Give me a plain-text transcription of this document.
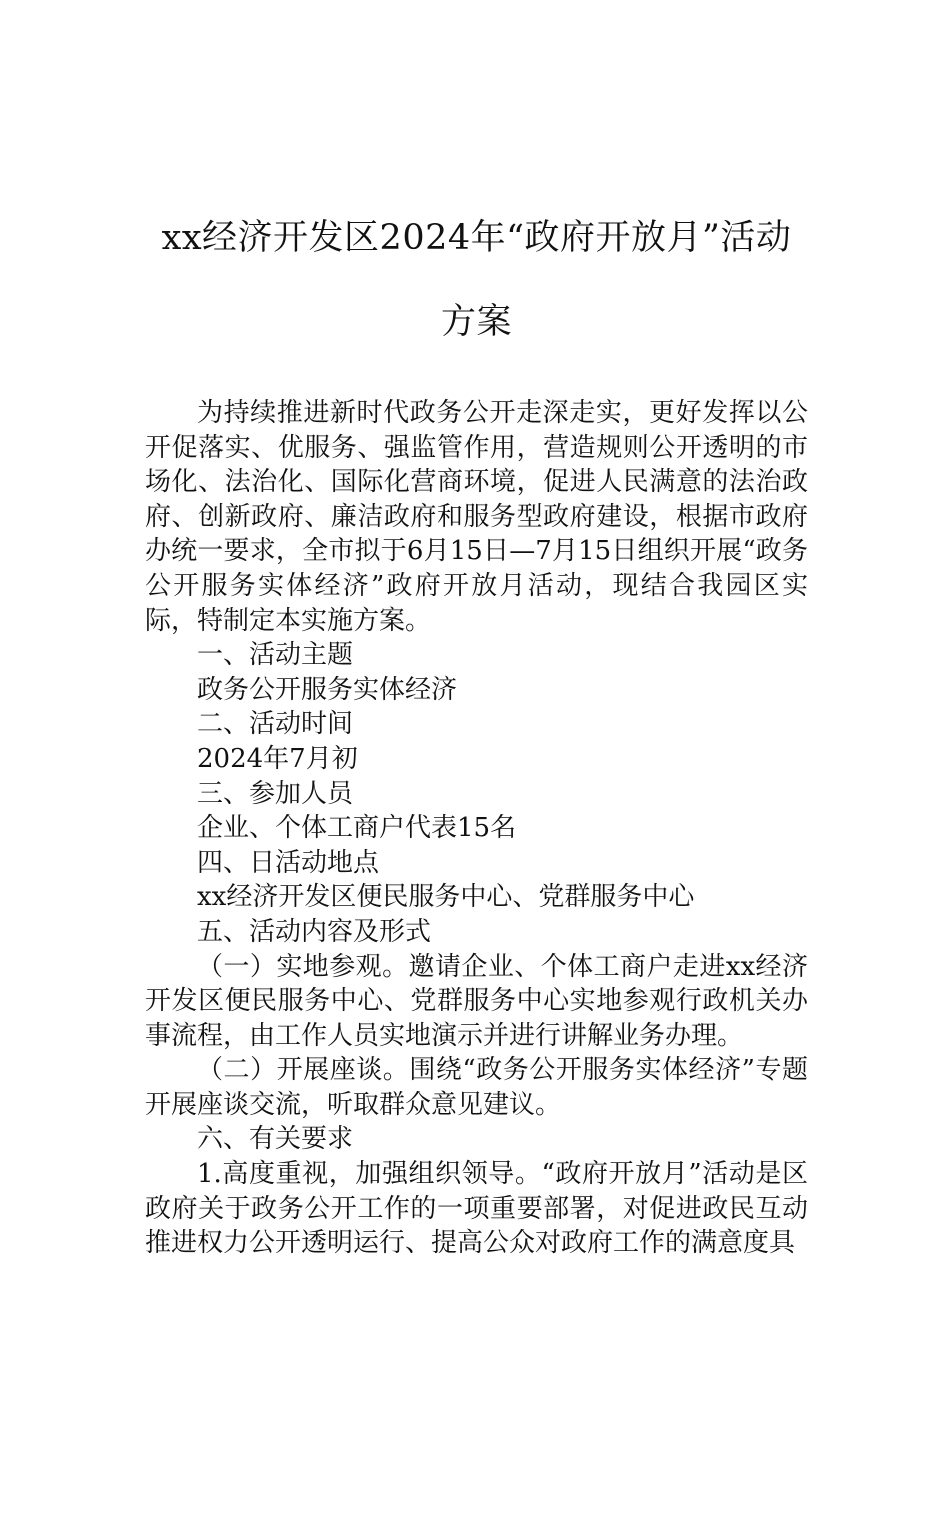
xx经济开发区2024年“政府开放月”活动
方案

为持续推进新时代政务公开走深走实，更好发挥以公开促落实、优服务、强监管作用，营造规则公开透明的市场化、法治化、国际化营商环境，促进人民满意的法治政府、创新政府、廉洁政府和服务型政府建设，根据市政府办统一要求，全市拟于6月15日—7月15日组织开展“政务公开服务实体经济”政府开放月活动，现结合我园区实际，特制定本实施方案。

一、活动主题

政务公开服务实体经济

二、活动时间

2024年7月初

三、参加人员

企业、个体工商户代表15名

四、日活动地点

xx经济开发区便民服务中心、党群服务中心

五、活动内容及形式

（一）实地参观。邀请企业、个体工商户走进xx经济开发区便民服务中心、党群服务中心实地参观行政机关办事流程，由工作人员实地演示并进行讲解业务办理。

（二）开展座谈。围绕“政务公开服务实体经济”专题开展座谈交流，听取群众意见建议。

六、有关要求

1.高度重视，加强组织领导。“政府开放月”活动是区政府关于政务公开工作的一项重要部署，对促进政民互动推进权力公开透明运行、提高公众对政府工作的满意度具
